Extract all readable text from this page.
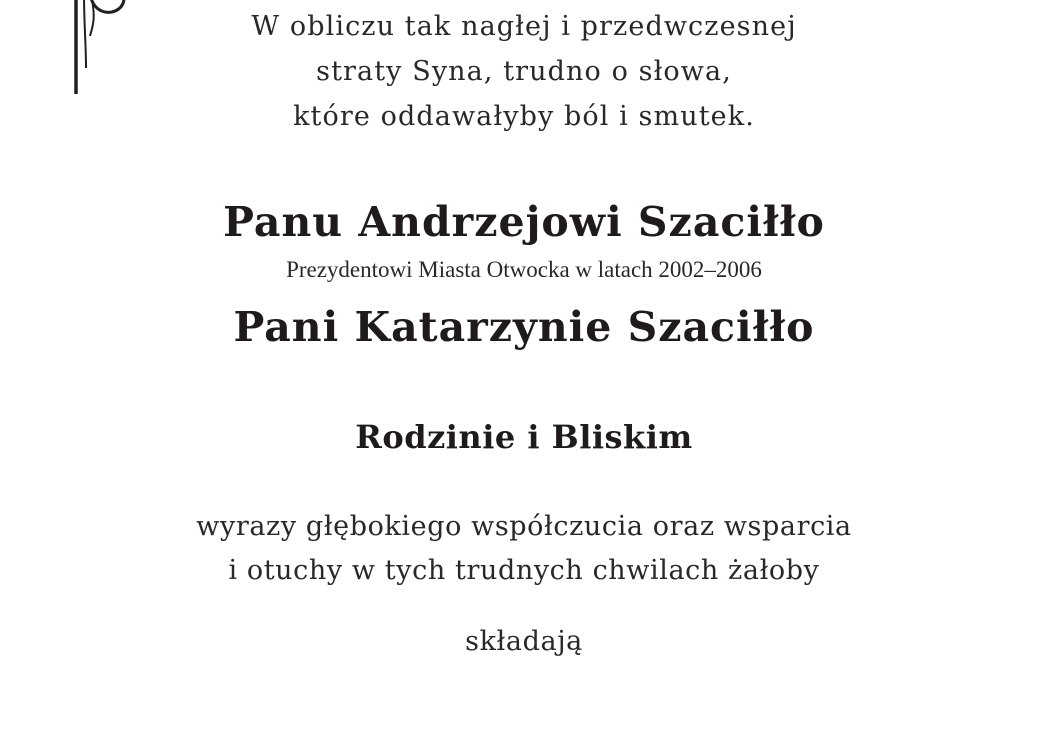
W obliczu tak nagłej i przedwczesnej
straty Syna, trudno o słowa,
które oddawałyby ból i smutek.
Panu Andrzejowi Szaciłło
Prezydentowi Miasta Otwocka w latach 2002–2006
Pani Katarzynie Szaciłło
Rodzinie i Bliskim
wyrazy głębokiego współczucia oraz wsparcia
i otuchy w tych trudnych chwilach żałoby
składają
